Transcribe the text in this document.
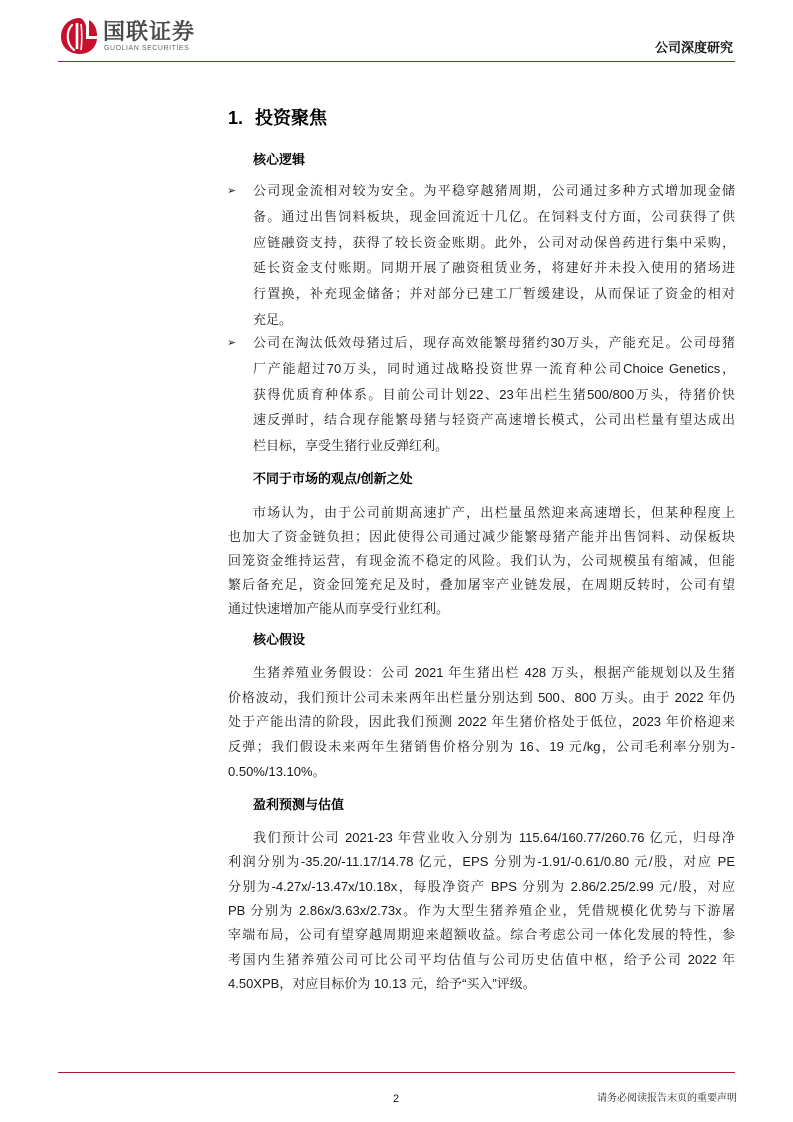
国联证券
GUOLIAN SECURITIES	公司深度研究
1. 投资聚焦
核心逻辑
➢ 公司现金流相对较为安全。为平稳穿越猪周期，公司通过多种方式增加现金储
备。通过出售饲料板块，现金回流近十几亿。在饲料支付方面，公司获得了供
应链融资支持，获得了较长资金账期。此外，公司对动保兽药进行集中采购，
延长资金支付账期。同期开展了融资租赁业务，将建好并未投入使用的猪场进
行置换，补充现金储备；并对部分已建工厂暂缓建设，从而保证了资金的相对
充足。
➢ 公司在淘汰低效母猪过后，现存高效能繁母猪约30万头，产能充足。公司母猪
厂产能超过70万头，同时通过战略投资世界一流育种公司Choice Genetics，
获得优质育种体系。目前公司计划22、23年出栏生猪500/800万头，待猪价快
速反弹时，结合现存能繁母猪与轻资产高速增长模式，公司出栏量有望达成出
栏目标，享受生猪行业反弹红利。
不同于市场的观点/创新之处
市场认为，由于公司前期高速扩产，出栏量虽然迎来高速增长，但某种程度上
也加大了资金链负担；因此使得公司通过减少能繁母猪产能并出售饲料、动保板块
回笼资金维持运营，有现金流不稳定的风险。我们认为，公司规模虽有缩减，但能
繁后备充足，资金回笼充足及时，叠加屠宰产业链发展，在周期反转时，公司有望
通过快速增加产能从而享受行业红利。
核心假设
生猪养殖业务假设：公司 2021 年生猪出栏 428 万头，根据产能规划以及生猪
价格波动，我们预计公司未来两年出栏量分别达到 500、800 万头。由于 2022 年仍
处于产能出清的阶段，因此我们预测 2022 年生猪价格处于低位，2023 年价格迎来
反弹；我们假设未来两年生猪销售价格分别为 16、19 元/kg，公司毛利率分别为-
0.50%/13.10%。
盈利预测与估值
我们预计公司 2021-23 年营业收入分别为 115.64/160.77/260.76 亿元，归母净
利润分别为-35.20/-11.17/14.78 亿元，EPS 分别为-1.91/-0.61/0.80 元/股，对应 PE
分别为-4.27x/-13.47x/10.18x，每股净资产 BPS 分别为 2.86/2.25/2.99 元/股，对应
PB 分别为 2.86x/3.63x/2.73x。作为大型生猪养殖企业，凭借规模化优势与下游屠
宰端布局，公司有望穿越周期迎来超额收益。综合考虑公司一体化发展的特性，参
考国内生猪养殖公司可比公司平均估值与公司历史估值中枢，给予公司 2022 年
4.50XPB，对应目标价为 10.13 元，给予“买入”评级。
2	请务必阅读报告末页的重要声明
